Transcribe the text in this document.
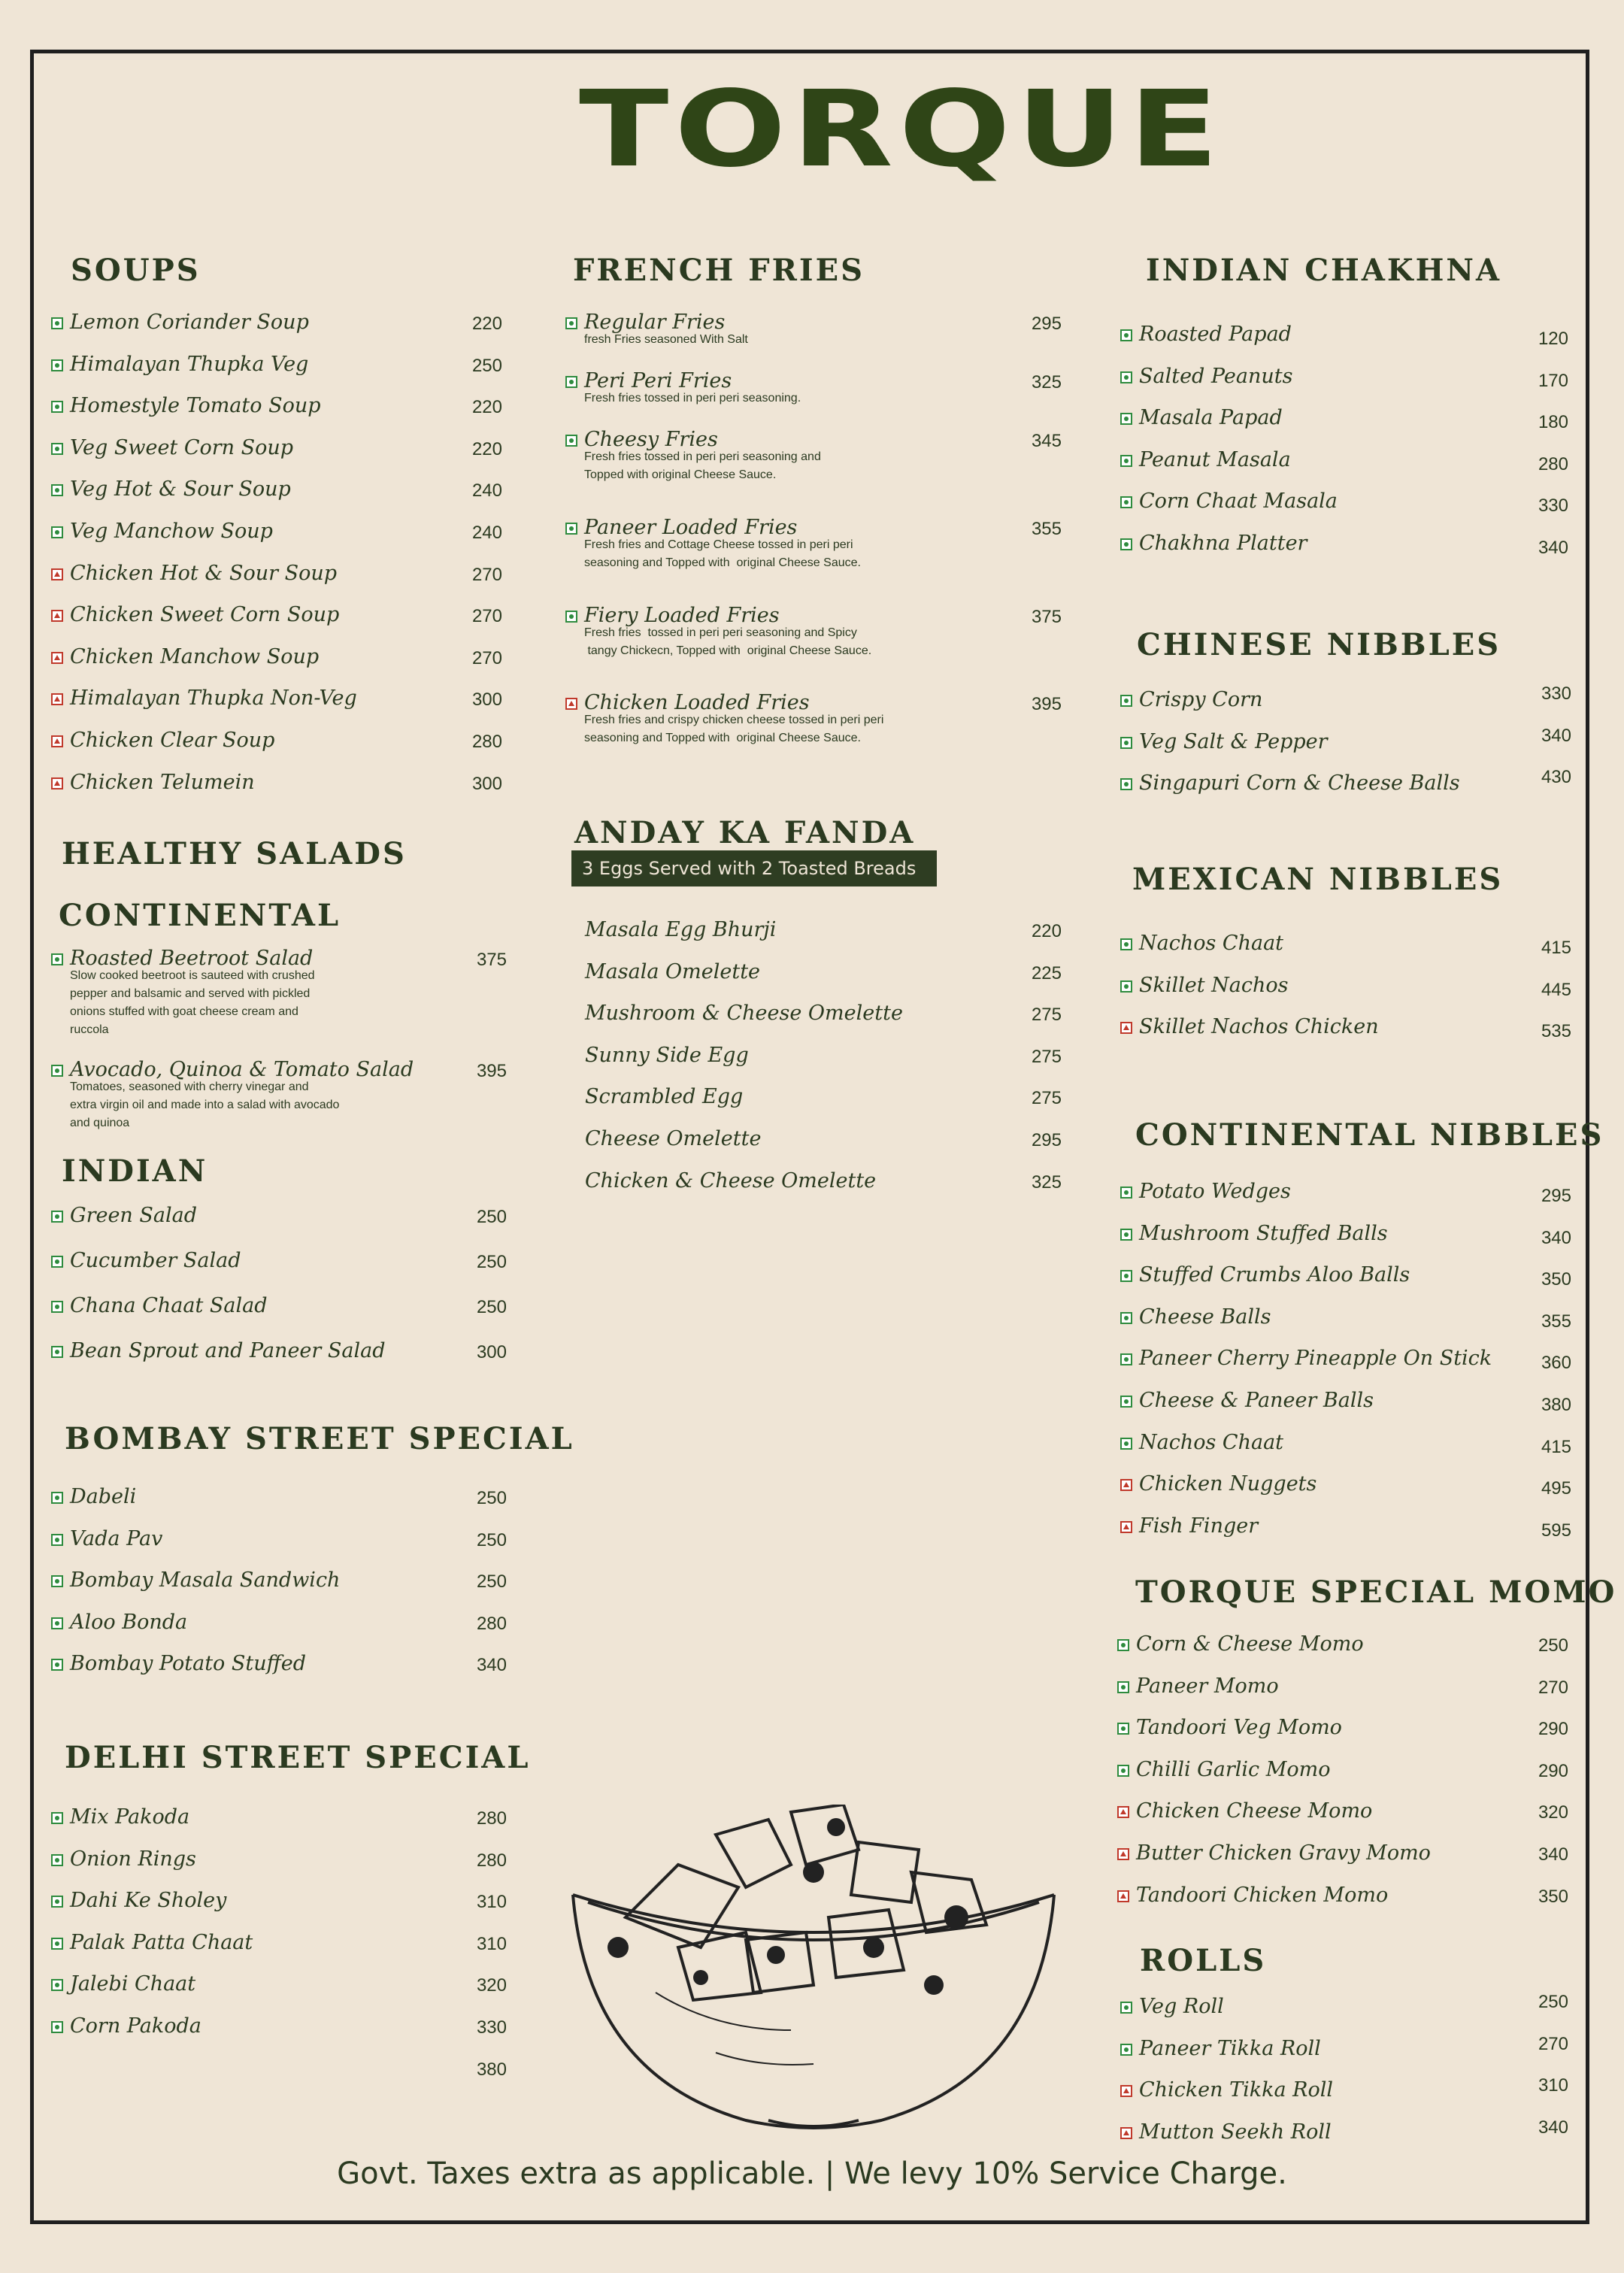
TORQUE
SOUPS
HEALTHY SALADS
CONTINENTAL
INDIAN
BOMBAY STREET SPECIAL
DELHI STREET SPECIAL
FRENCH FRIES
ANDAY KA FANDA
INDIAN CHAKHNA
CHINESE NIBBLES
MEXICAN NIBBLES
CONTINENTAL NIBBLES
TORQUE SPECIAL MOMO
ROLLS
3 Eggs Served with 2 Toasted Breads
Lemon Coriander Soup	220
Himalayan Thupka Veg	250
Homestyle Tomato Soup	220
Veg Sweet Corn Soup	220
Veg Hot & Sour Soup	240
Veg Manchow Soup	240
Chicken Hot & Sour Soup	270
Chicken Sweet Corn Soup	270
Chicken Manchow Soup	270
Himalayan Thupka Non-Veg	300
Chicken Clear Soup	280
Chicken Telumein	300
Roasted Beetroot Salad	375
Slow cooked beetroot is sauteed with crushed
pepper and balsamic and served with pickled
onions stuffed with goat cheese cream and
ruccola
Avocado, Quinoa & Tomato Salad	395
Tomatoes, seasoned with cherry vinegar and
extra virgin oil and made into a salad with avocado
and quinoa
Green Salad	250
Cucumber Salad	250
Chana Chaat Salad	250
Bean Sprout and Paneer Salad	300
Dabeli	250
Vada Pav	250
Bombay Masala Sandwich	250
Aloo Bonda	280
Bombay Potato Stuffed	340
Mix Pakoda	280
Onion Rings	280
Dahi Ke Sholey	310
Palak Patta Chaat	310
Jalebi Chaat	320
Corn Pakoda	330
380
Regular Fries	295
fresh Fries seasoned With Salt
Peri Peri Fries	325
Fresh fries tossed in peri peri seasoning.
Cheesy Fries	345
Fresh fries tossed in peri peri seasoning and
Topped with original Cheese Sauce.
Paneer Loaded Fries	355
Fresh fries and Cottage Cheese tossed in peri peri
seasoning and Topped with  original Cheese Sauce.
Fiery Loaded Fries	375
Fresh fries  tossed in peri peri seasoning and Spicy
tangy Chickecn, Topped with  original Cheese Sauce.
Chicken Loaded Fries	395
Fresh fries and crispy chicken cheese tossed in peri peri
seasoning and Topped with  original Cheese Sauce.
Masala Egg Bhurji	220
Masala Omelette	225
Mushroom & Cheese Omelette	275
Sunny Side Egg	275
Scrambled Egg	275
Cheese Omelette	295
Chicken & Cheese Omelette	325
Roasted Papad	120
Salted Peanuts	170
Masala Papad	180
Peanut Masala	280
Corn Chaat Masala	330
Chakhna Platter	340
Crispy Corn	330
Veg Salt & Pepper	340
Singapuri Corn & Cheese Balls	430
Nachos Chaat	415
Skillet Nachos	445
Skillet Nachos Chicken	535
Potato Wedges	295
Mushroom Stuffed Balls	340
Stuffed Crumbs Aloo Balls	350
Cheese Balls	355
Paneer Cherry Pineapple On Stick	360
Cheese & Paneer Balls	380
Nachos Chaat	415
Chicken Nuggets	495
Fish Finger	595
Corn & Cheese Momo	250
Paneer Momo	270
Tandoori Veg Momo	290
Chilli Garlic Momo	290
Chicken Cheese Momo	320
Butter Chicken Gravy Momo	340
Tandoori Chicken Momo	350
Veg Roll	250
Paneer Tikka Roll	270
Chicken Tikka Roll	310
Mutton Seekh Roll	340
Govt. Taxes extra as applicable. | We levy 10% Service Charge.
